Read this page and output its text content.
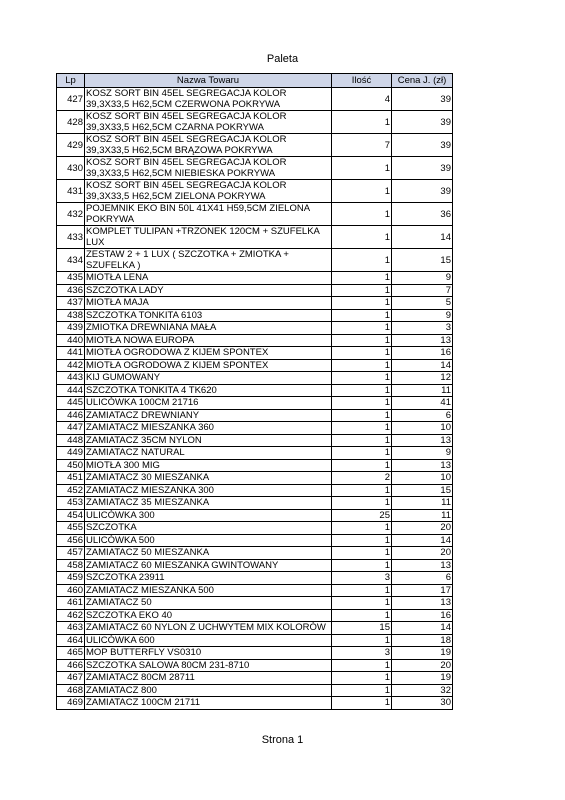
Paleta
Lp	Nazwa Towaru	Ilość	Cena J. (zł)
427	KOSZ SORT BIN 45EL SEGREGACJA KOLOR 39,3X33,5 H62,5CM CZERWONA POKRYWA	4	39
428	KOSZ SORT BIN 45EL SEGREGACJA KOLOR 39,3X33,5 H62,5CM CZARNA POKRYWA	1	39
429	KOSZ SORT BIN 45EL SEGREGACJA KOLOR 39,3X33,5 H62,5CM BRĄZOWA POKRYWA	7	39
430	KOSZ SORT BIN 45EL SEGREGACJA KOLOR 39,3X33,5 H62,5CM NIEBIESKA POKRYWA	1	39
431	KOSZ SORT BIN 45EL SEGREGACJA KOLOR 39,3X33,5 H62,5CM ZIELONA POKRYWA	1	39
432	POJEMNIK EKO BIN 50L 41X41 H59,5CM ZIELONA POKRYWA	1	36
433	KOMPLET TULIPAN +TRZONEK 120CM + SZUFELKA LUX	1	14
434	ZESTAW 2 + 1 LUX ( SZCZOTKA + ZMIOTKA + SZUFELKA )	1	15
435	MIOTŁA LENA	1	9
436	SZCZOTKA LADY	1	7
437	MIOTŁA MAJA	1	5
438	SZCZOTKA TONKITA 6103	1	9
439	ZMIOTKA DREWNIANA MAŁA	1	3
440	MIOTŁA NOWA EUROPA	1	13
441	MIOTŁA OGRODOWA Z KIJEM SPONTEX	1	16
442	MIOTŁA OGRODOWA Z KIJEM SPONTEX	1	14
443	KIJ GUMOWANY	1	12
444	SZCZOTKA TONKITA 4 TK620	1	11
445	ULICÓWKA 100CM 21716	1	41
446	ZAMIATACZ DREWNIANY	1	6
447	ZAMIATACZ MIESZANKA 360	1	10
448	ZAMIATACZ 35CM NYLON	1	13
449	ZAMIATACZ NATURAL	1	9
450	MIOTŁA 300 MIG	1	13
451	ZAMIATACZ 30 MIESZANKA	2	10
452	ZAMIATACZ MIESZANKA 300	1	15
453	ZAMIATACZ 35 MIESZANKA	1	11
454	ULICÓWKA 300	25	11
455	SZCZOTKA	1	20
456	ULICÓWKA 500	1	14
457	ZAMIATACZ 50 MIESZANKA	1	20
458	ZAMIATACZ 60 MIESZANKA GWINTOWANY	1	13
459	SZCZOTKA 23911	3	6
460	ZAMIATACZ MIESZANKA 500	1	17
461	ZAMIATACZ 50	1	13
462	SZCZOTKA EKO 40	1	16
463	ZAMIATACZ 60 NYLON Z UCHWYTEM MIX KOLORÓW	15	14
464	ULICÓWKA 600	1	18
465	MOP BUTTERFLY VS0310	3	19
466	SZCZOTKA SALOWA 80CM 231-8710	1	20
467	ZAMIATACZ 80CM 28711	1	19
468	ZAMIATACZ 800	1	32
469	ZAMIATACZ 100CM 21711	1	30
Strona 1
